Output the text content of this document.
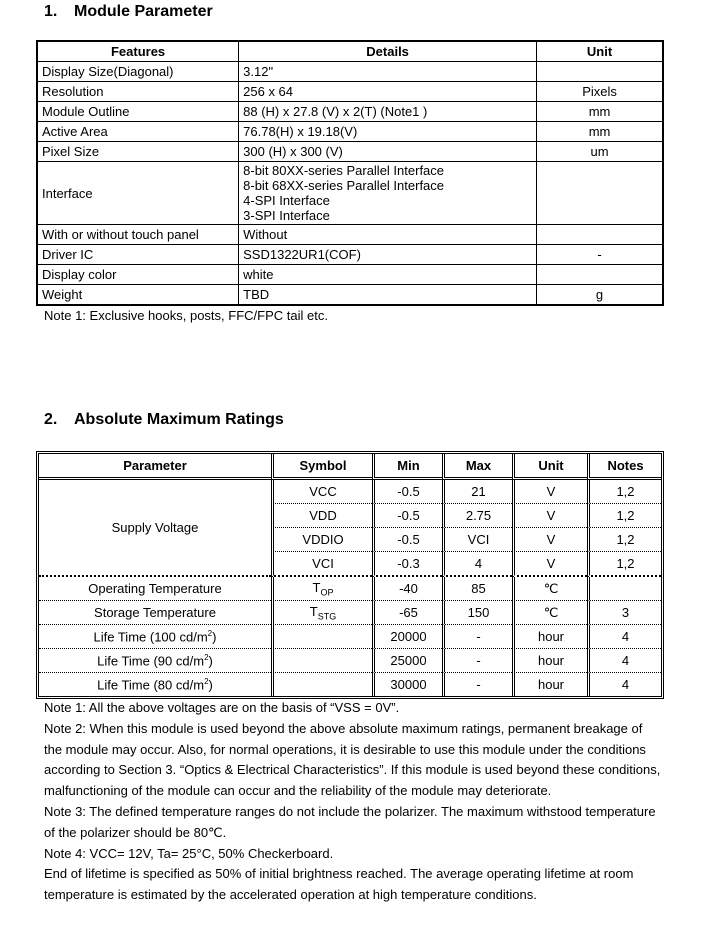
1. Module Parameter
Features	Details	Unit
Display Size(Diagonal)	3.12"	

Resolution	256 x 64	Pixels
Module Outline	88 (H) x 27.8 (V) x 2(T) (Note1 )	mm
Active Area	76.78(H) x 19.18(V)	mm
Pixel Size	300 (H) x 300 (V)	um
Interface	8-bit 80XX-series Parallel Interface
8-bit 68XX-series Parallel Interface
4-SPI Interface
3-SPI Interface	

With or without touch panel	Without	

Driver IC	SSD1322UR1(COF)	-
Display color	white	

Weight	TBD	g
Note 1: Exclusive hooks, posts, FFC/FPC tail etc.
2. Absolute Maximum Ratings
Parameter	Symbol	Min	Max	Unit	Notes
Supply Voltage	VCC	-0.5	21	V	1,2
	VDD	-0.5	2.75	V	1,2
	VDDIO	-0.5	VCI	V	1,2
	VCI	-0.3	4	V	1,2
Operating Temperature	$T_{OP}$	-40	85	℃	
Storage Temperature	$T_{STG}$	-65	150	℃	3
Life Time (100 $cd/m^2$)		20000	-	hour	4
Life Time (90 $cd/m^2$)		25000	-	hour	4
Life Time (80 $cd/m^2$)		30000	-	hour	4

Note 1: All the above voltages are on the basis of “VSS = 0V”.

Note 2: When this module is used beyond the above absolute maximum ratings, permanent breakage of the module may occur. Also, for normal operations, it is desirable to use this module under the conditions according to Section 3. “Optics & Electrical Characteristics”. If this module is used beyond these conditions, malfunctioning of the module can occur and the reliability of the module may deteriorate.

Note 3: The defined temperature ranges do not include the polarizer. The maximum withstood temperature of the polarizer should be 80℃.

Note 4: VCC= 12V, Ta= 25°C, 50% Checkerboard.

End of lifetime is specified as 50% of initial brightness reached. The average operating lifetime at room temperature is estimated by the accelerated operation at high temperature conditions.
